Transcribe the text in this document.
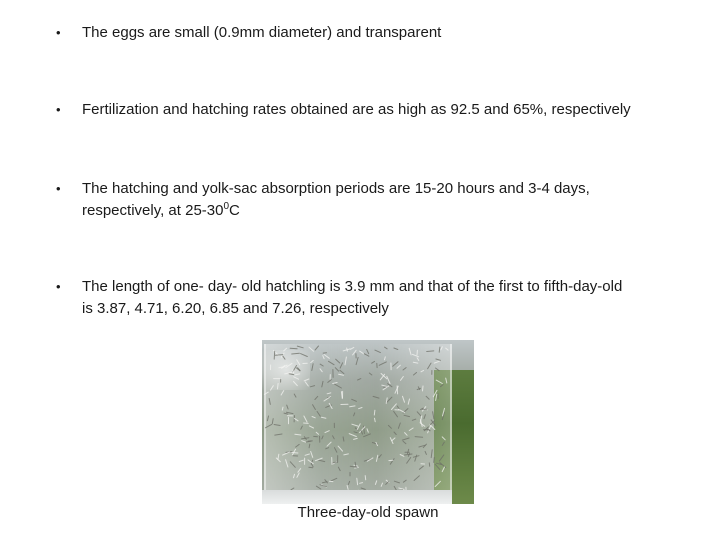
• The eggs are small (0.9mm diameter) and transparent
• Fertilization and hatching rates obtained are as high as 92.5 and 65%, respectively
• The hatching and yolk-sac absorption periods are 15-20 hours and 3-4 days,
respectively, at $25-30^0C$
• The length of one- day- old hatchling is 3.9 mm and that of the first to fifth-day-old
is 3.87, 4.71, 6.20, 6.85 and 7.26, respectively
Three-day-old spawn
